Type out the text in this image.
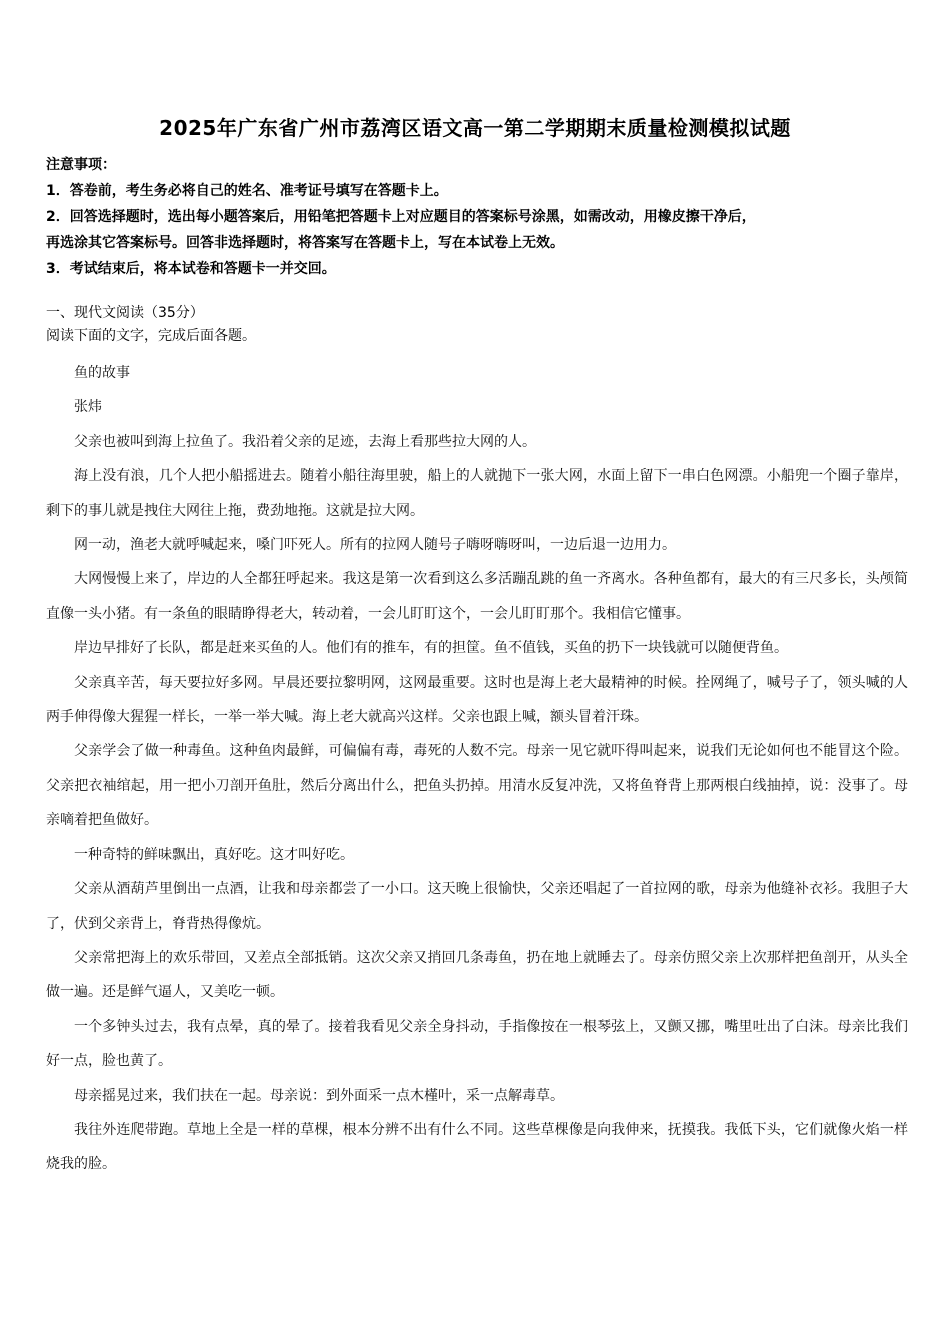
2025年广东省广州市荔湾区语文高一第二学期期末质量检测模拟试题
注意事项：
1．答卷前，考生务必将自己的姓名、准考证号填写在答题卡上。
2．回答选择题时，选出每小题答案后，用铅笔把答题卡上对应题目的答案标号涂黑，如需改动，用橡皮擦干净后，
再选涂其它答案标号。回答非选择题时，将答案写在答题卡上，写在本试卷上无效。
3．考试结束后，将本试卷和答题卡一并交回。
一、现代文阅读（35分）
阅读下面的文字，完成后面各题。

鱼的故事

张炜

父亲也被叫到海上拉鱼了。我沿着父亲的足迹，去海上看那些拉大网的人。

海上没有浪，几个人把小船摇进去。随着小船往海里驶，船上的人就抛下一张大网，水面上留下一串白色网漂。小船兜一个圈子靠岸，剩下的事儿就是拽住大网往上拖，费劲地拖。这就是拉大网。

网一动，渔老大就呼喊起来，嗓门吓死人。所有的拉网人随号子嗨呀嗨呀叫，一边后退一边用力。

大网慢慢上来了，岸边的人全都狂呼起来。我这是第一次看到这么多活蹦乱跳的鱼一齐离水。各种鱼都有，最大的有三尺多长，头颅简直像一头小猪。有一条鱼的眼睛睁得老大，转动着，一会儿盯盯这个，一会儿盯盯那个。我相信它懂事。

岸边早排好了长队，都是赶来买鱼的人。他们有的推车，有的担筐。鱼不值钱，买鱼的扔下一块钱就可以随便背鱼。

父亲真辛苦，每天要拉好多网。早晨还要拉黎明网，这网最重要。这时也是海上老大最精神的时候。拴网绳了，喊号子了，领头喊的人两手伸得像大猩猩一样长，一举一举大喊。海上老大就高兴这样。父亲也跟上喊，额头冒着汗珠。

父亲学会了做一种毒鱼。这种鱼肉最鲜，可偏偏有毒，毒死的人数不完。母亲一见它就吓得叫起来，说我们无论如何也不能冒这个险。父亲把衣袖绾起，用一把小刀剖开鱼肚，然后分离出什么，把鱼头扔掉。用清水反复冲洗，又将鱼脊背上那两根白线抽掉，说：没事了。母亲嘀着把鱼做好。

一种奇特的鲜味飘出，真好吃。这才叫好吃。

父亲从酒葫芦里倒出一点酒，让我和母亲都尝了一小口。这天晚上很愉快，父亲还唱起了一首拉网的歌，母亲为他缝补衣衫。我胆子大了，伏到父亲背上，脊背热得像炕。

父亲常把海上的欢乐带回，又差点全部抵销。这次父亲又捎回几条毒鱼，扔在地上就睡去了。母亲仿照父亲上次那样把鱼剖开，从头全做一遍。还是鲜气逼人，又美吃一顿。

一个多钟头过去，我有点晕，真的晕了。接着我看见父亲全身抖动，手指像按在一根琴弦上，又颤又挪，嘴里吐出了白沫。母亲比我们好一点，脸也黄了。

母亲摇晃过来，我们扶在一起。母亲说：到外面采一点木槿叶，采一点解毒草。

我往外连爬带跑。草地上全是一样的草棵，根本分辨不出有什么不同。这些草棵像是向我伸来，抚摸我。我低下头，它们就像火焰一样烧我的脸。
